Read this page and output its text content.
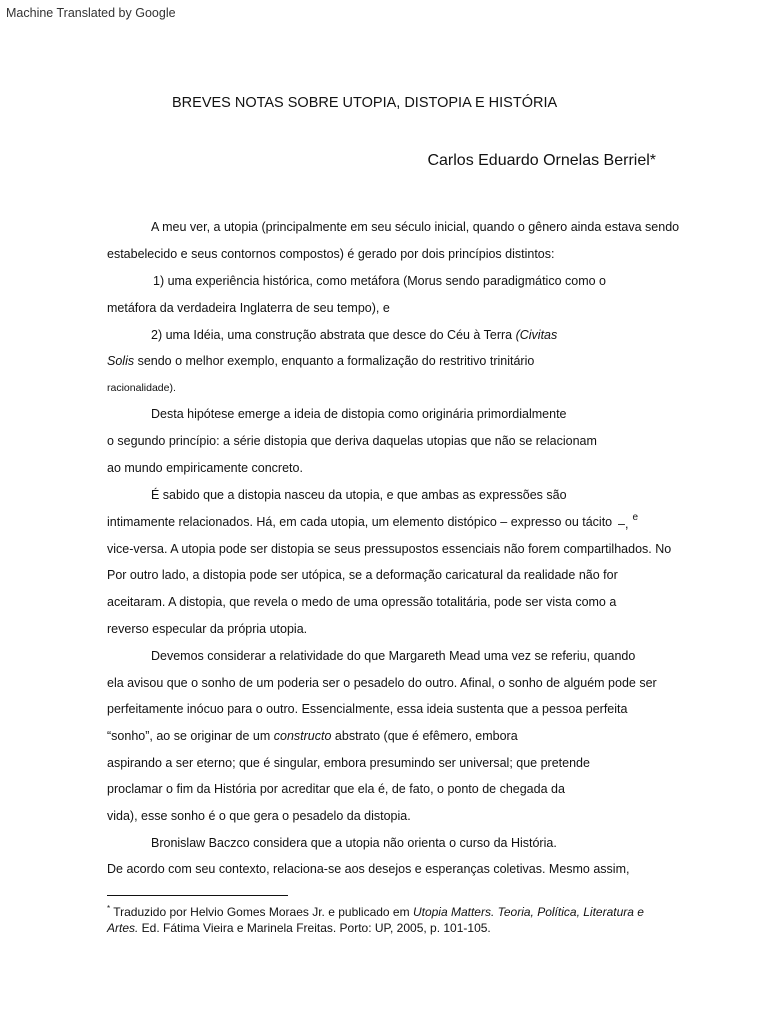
Machine Translated by Google
BREVES NOTAS SOBRE UTOPIA, DISTOPIA E HISTÓRIA
Carlos Eduardo Ornelas Berriel*
A meu ver, a utopia (principalmente em seu século inicial, quando o gênero ainda estava sendo
estabelecido e seus contornos compostos) é gerado por dois princípios distintos:
1) uma experiência histórica, como metáfora (Morus sendo paradigmático como o
metáfora da verdadeira Inglaterra de seu tempo), e
2) uma Idéia, uma construção abstrata que desce do Céu à Terra (Civitas
Solis sendo o melhor exemplo, enquanto a formalização do restritivo trinitário
racionalidade).
Desta hipótese emerge a ideia de distopia como originária primordialmente
o segundo princípio: a série distopia que deriva daquelas utopias que não se relacionam
ao mundo empiricamente concreto.
É sabido que a distopia nasceu da utopia, e que ambas as expressões são
intimamente relacionados. Há, em cada utopia, um elemento distópico – expresso ou tácito –, $^e$
vice-versa. A utopia pode ser distopia se seus pressupostos essenciais não forem compartilhados. No
Por outro lado, a distopia pode ser utópica, se a deformação caricatural da realidade não for
aceitaram. A distopia, que revela o medo de uma opressão totalitária, pode ser vista como a
reverso especular da própria utopia.
Devemos considerar a relatividade do que Margareth Mead uma vez se referiu, quando
ela avisou que o sonho de um poderia ser o pesadelo do outro. Afinal, o sonho de alguém pode ser
perfeitamente inócuo para o outro. Essencialmente, essa ideia sustenta que a pessoa perfeita
“sonho”, ao se originar de um constructo abstrato (que é efêmero, embora
aspirando a ser eterno; que é singular, embora presumindo ser universal; que pretende
proclamar o fim da História por acreditar que ela é, de fato, o ponto de chegada da
vida), esse sonho é o que gera o pesadelo da distopia.
Bronislaw Baczco considera que a utopia não orienta o curso da História.
De acordo com seu contexto, relaciona-se aos desejos e esperanças coletivas. Mesmo assim,
* Traduzido por Helvio Gomes Moraes Jr. e publicado em Utopia Matters. Teoria, Política, Literatura e Artes. Ed. Fátima Vieira e Marinela Freitas. Porto: UP, 2005, p. 101-105.
